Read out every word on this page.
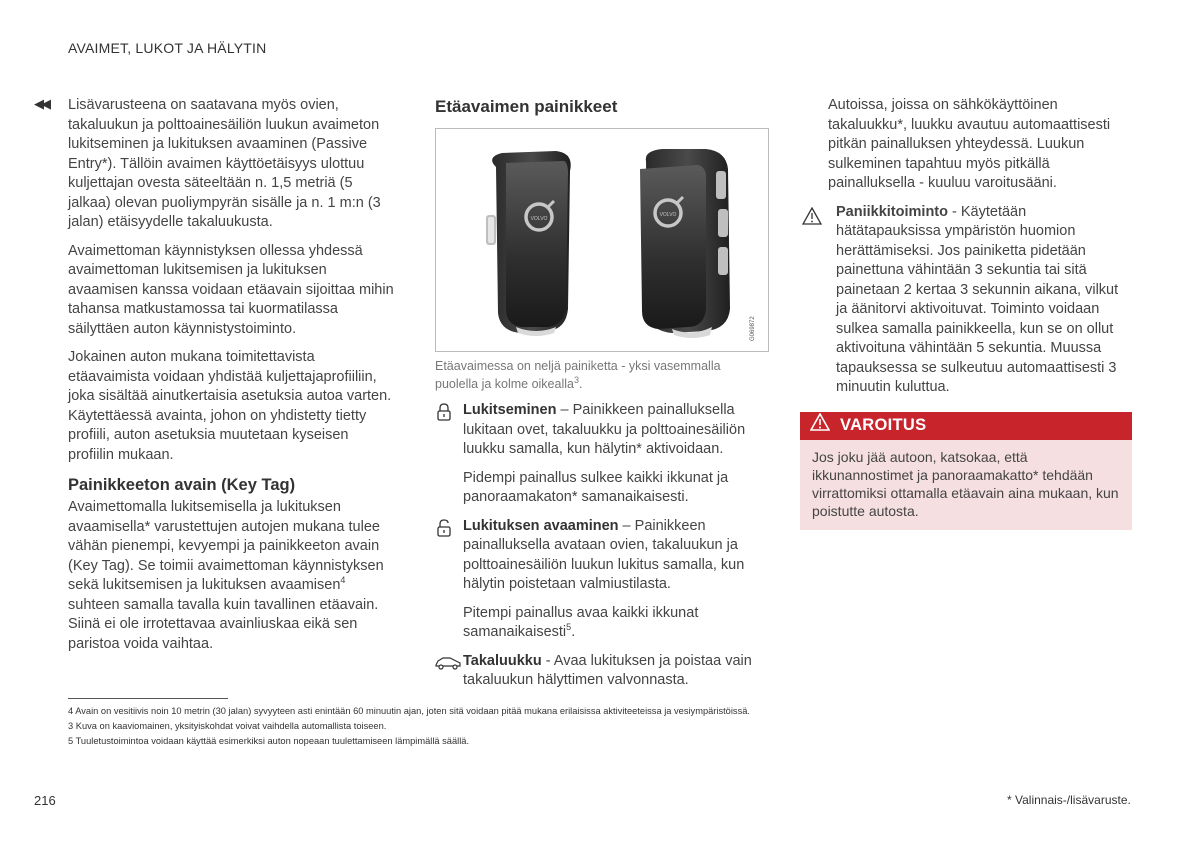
AVAIMET, LUKOT JA HÄLYTIN
◀◀ Lisävarusteena on saatavana myös ovien, takaluukun ja polttoainesäiliön luukun avaimeton lukitseminen ja lukituksen avaaminen (Passive Entry*). Tällöin avaimen käyttöetäisyys ulottuu kuljettajan ovesta säteeltään n. 1,5 metriä (5 jalkaa) olevan puoliympyrän sisälle ja n. 1 m:n (3 jalan) etäisyydelle takaluukusta.

Avaimettoman käynnistyksen ollessa yhdessä avaimettoman lukitsemisen ja lukituksen avaamisen kanssa voidaan etäavain sijoittaa mihin tahansa matkustamossa tai kuormatilassa säilyttäen auton käynnistystoiminto.

Jokainen auton mukana toimitettavista etäavaimista voidaan yhdistää kuljettajaprofiiliin, joka sisältää ainutkertaisia asetuksia autoa varten. Käytettäessä avainta, johon on yhdistetty tietty profiili, auton asetuksia muutetaan kyseisen profiilin mukaan.

Painikkeeton avain (Key Tag)

Avaimettomalla lukitsemisella ja lukituksen avaamisella* varustettujen autojen mukana tulee vähän pienempi, kevyempi ja painikkeeton avain (Key Tag). Se toimii avaimettoman käynnistyksen sekä lukitsemisen ja lukituksen avaamisen$^4$ suhteen samalla tavalla kuin tavallinen etäavain. Siinä ei ole irrotettavaa avainliuskaa eikä sen paristoa voida vaihtaa.

Etäavaimen painikkeet
VOLVO
VOLVO
G069872
Etäavaimessa on neljä painiketta - yksi vasemmalla puolella ja kolme oikealla$^3$.
Lukitseminen – Painikkeen painalluksella lukitaan ovet, takaluukku ja polttoainesäiliön luukku samalla, kun hälytin* aktivoidaan.
Pidempi painallus sulkee kaikki ikkunat ja panoraamakaton* samanaikaisesti.
Lukituksen avaaminen – Painikkeen painalluksella avataan ovien, takaluukun ja polttoainesäiliön luukun lukitus samalla, kun hälytin poistetaan valmiustilasta.
Pitempi painallus avaa kaikki ikkunat samanaikaisesti$^5$.
Takaluukku - Avaa lukituksen ja poistaa vain takaluukun hälyttimen valvonnasta.

Autoissa, joissa on sähkökäyttöinen takaluukku*, luukku avautuu automaattisesti pitkän painalluksen yhteydessä. Luukun sulkeminen tapahtuu myös pitkällä painalluksella - kuuluu varoitusääni.

Paniikkitoiminto - Käytetään hätätapauksissa ympäristön huomion herättämiseksi. Jos painiketta pidetään painettuna vähintään 3 sekuntia tai sitä painetaan 2 kertaa 3 sekunnin aikana, vilkut ja äänitorvi aktivoituvat. Toiminto voidaan sulkea samalla painikkeella, kun se on ollut aktivoituna vähintään 5 sekuntia. Muussa tapauksessa se sulkeutuu automaattisesti 3 minuutin kuluttua.
VAROITUS
Jos joku jää autoon, katsokaa, että ikkunannostimet ja panoraamakatto* tehdään virrattomiksi ottamalla etäavain aina mukaan, kun poistutte autosta.
4 Avain on vesitiivis noin 10 metrin (30 jalan) syvyyteen asti enintään 60 minuutin ajan, joten sitä voidaan pitää mukana erilaisissa aktiviteeteissa ja vesiympäristöissä.
3 Kuva on kaaviomainen, yksityiskohdat voivat vaihdella automallista toiseen.
5 Tuuletustoimintoa voidaan käyttää esimerkiksi auton nopeaan tuulettamiseen lämpimällä säällä.
216	* Valinnais-/lisävaruste.
